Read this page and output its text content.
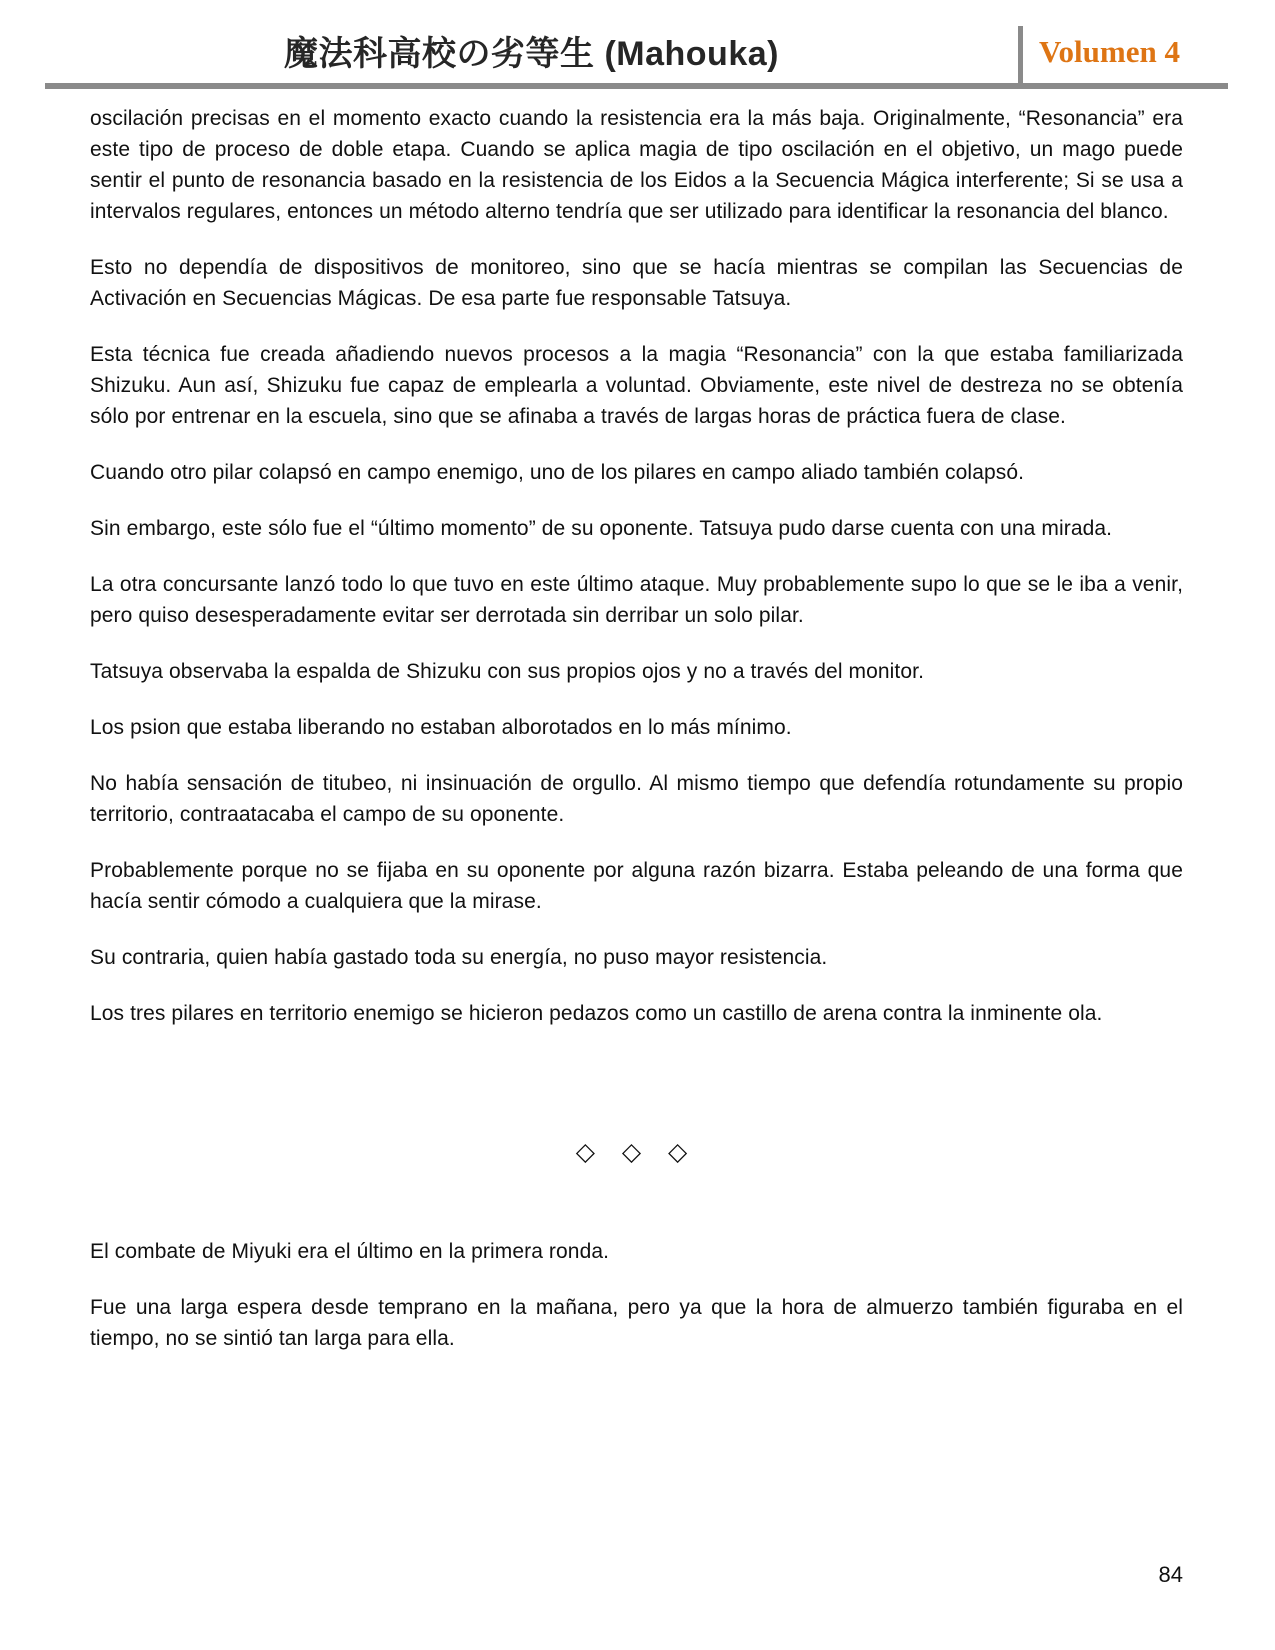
魔法科高校の劣等生 (Mahouka)	Volumen 4

oscilación precisas en el momento exacto cuando la resistencia era la más baja. Originalmente, “Resonancia” era este tipo de proceso de doble etapa. Cuando se aplica magia de tipo oscilación en el objetivo, un mago puede sentir el punto de resonancia basado en la resistencia de los Eidos a la Secuencia Mágica interferente; Si se usa a intervalos regulares, entonces un método alterno tendría que ser utilizado para identificar la resonancia del blanco.

Esto no dependía de dispositivos de monitoreo, sino que se hacía mientras se compilan las Secuencias de Activación en Secuencias Mágicas. De esa parte fue responsable Tatsuya.

Esta técnica fue creada añadiendo nuevos procesos a la magia “Resonancia” con la que estaba familiarizada Shizuku. Aun así, Shizuku fue capaz de emplearla a voluntad. Obviamente, este nivel de destreza no se obtenía sólo por entrenar en la escuela, sino que se afinaba a través de largas horas de práctica fuera de clase.

Cuando otro pilar colapsó en campo enemigo, uno de los pilares en campo aliado también colapsó.

Sin embargo, este sólo fue el “último momento” de su oponente. Tatsuya pudo darse cuenta con una mirada.

La otra concursante lanzó todo lo que tuvo en este último ataque. Muy probablemente supo lo que se le iba a venir, pero quiso desesperadamente evitar ser derrotada sin derribar un solo pilar.

Tatsuya observaba la espalda de Shizuku con sus propios ojos y no a través del monitor.

Los psion que estaba liberando no estaban alborotados en lo más mínimo.

No había sensación de titubeo, ni insinuación de orgullo. Al mismo tiempo que defendía rotundamente su propio territorio, contraatacaba el campo de su oponente.

Probablemente porque no se fijaba en su oponente por alguna razón bizarra. Estaba peleando de una forma que hacía sentir cómodo a cualquiera que la mirase.

Su contraria, quien había gastado toda su energía, no puso mayor resistencia.

Los tres pilares en territorio enemigo se hicieron pedazos como un castillo de arena contra la inminente ola.

◇ ◇ ◇

El combate de Miyuki era el último en la primera ronda.

Fue una larga espera desde temprano en la mañana, pero ya que la hora de almuerzo también figuraba en el tiempo, no se sintió tan larga para ella.

84
